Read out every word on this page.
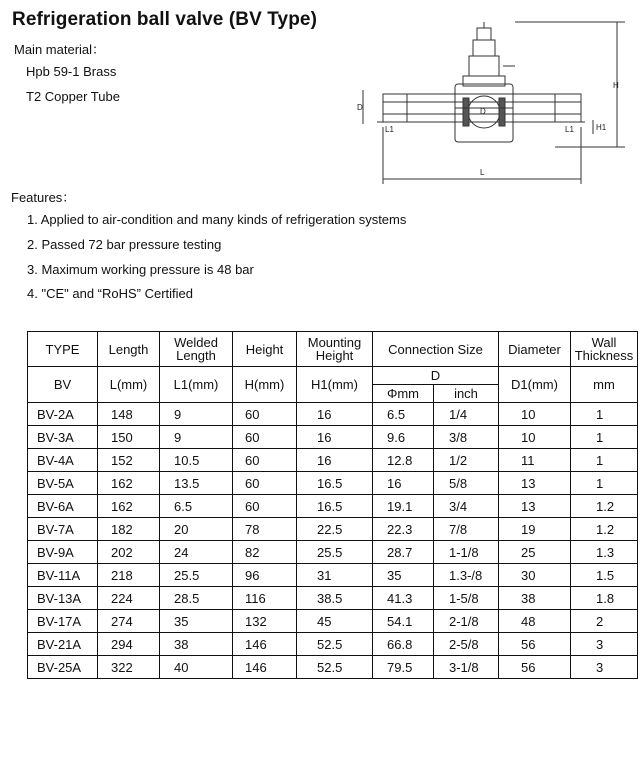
Refrigeration ball valve (BV Type)
Main material：
Hpb 59-1 Brass
T2 Copper Tube
H
H1
D	D
L
L1	L1
Features：
1. Applied to air-condition and many kinds of refrigeration systems
2. Passed 72 bar pressure testing
3. Maximum working pressure is 48 bar
4. "CE" and “RoHS” Certified
TYPE	Length	Welded Length	Height	Mounting Height	Connection Size		Diameter	Wall Thickness
BV	L(mm)	L1(mm)	H(mm)	H1(mm)	D		D1(mm)	mm
					Φmm	inch		
BV-2A	148	9	60	16	6.5	1/4	10	1
BV-3A	150	9	60	16	9.6	3/8	10	1
BV-4A	152	10.5	60	16	12.8	1/2	11	1
BV-5A	162	13.5	60	16.5	16	5/8	13	1
BV-6A	162	6.5	60	16.5	19.1	3/4	13	1.2
BV-7A	182	20	78	22.5	22.3	7/8	19	1.2
BV-9A	202	24	82	25.5	28.7	1-1/8	25	1.3
BV-11A	218	25.5	96	31	35	1.3-/8	30	1.5
BV-13A	224	28.5	116	38.5	41.3	1-5/8	38	1.8
BV-17A	274	35	132	45	54.1	2-1/8	48	2
BV-21A	294	38	146	52.5	66.8	2-5/8	56	3
BV-25A	322	40	146	52.5	79.5	3-1/8	56	3
